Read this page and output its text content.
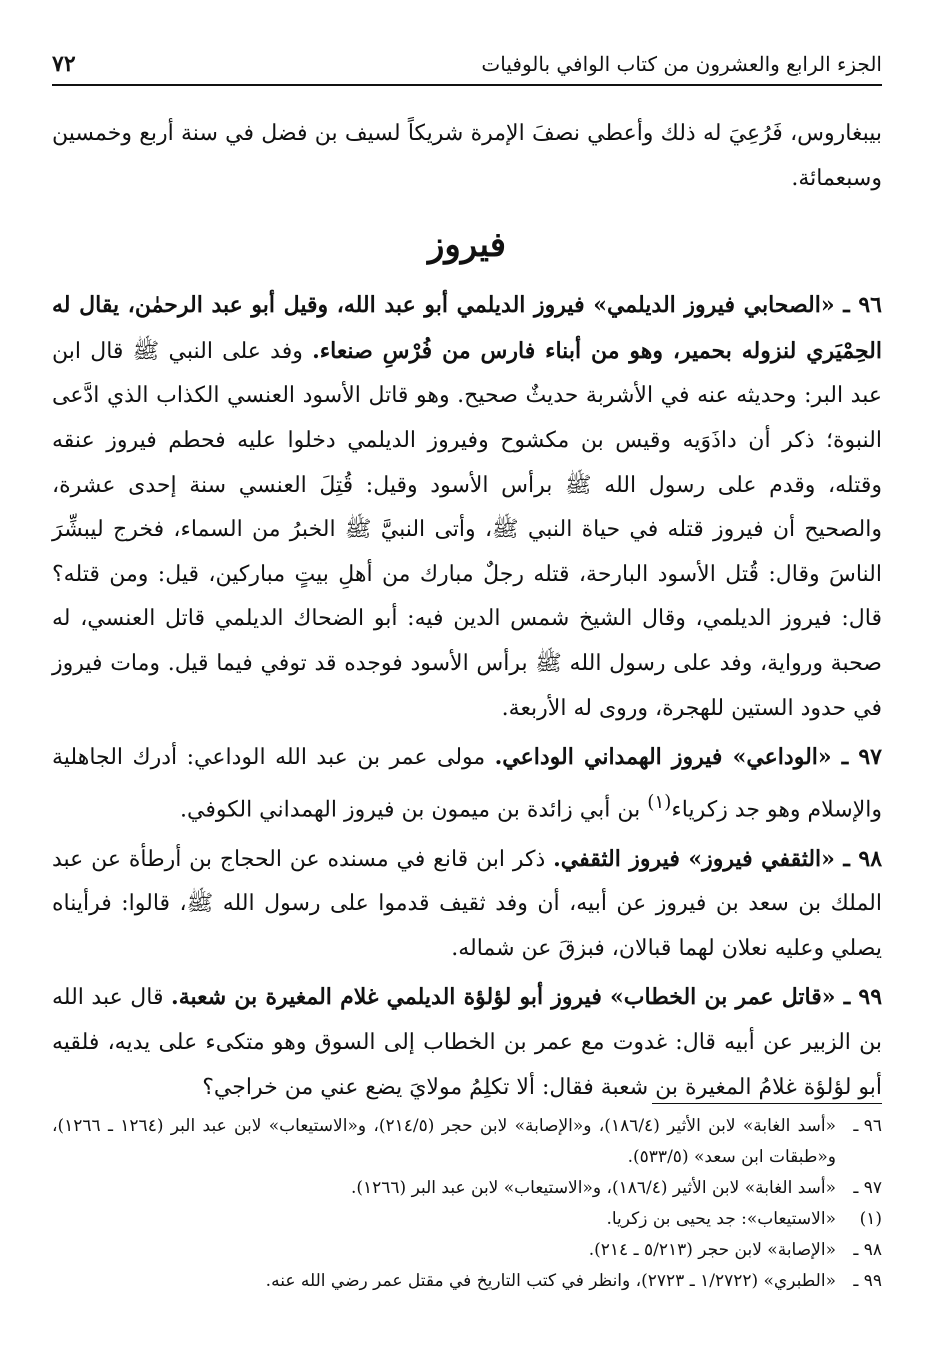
الجزء الرابع والعشرون من كتاب الوافي بالوفيات
٧٢

بيبغاروس، فَرُعِيَ له ذلك وأعطي نصفَ الإمرة شريكاً لسيف بن فضل في سنة أربع وخمسين وسبعمائة.

فيروز

٩٦ ـ «الصحابي فيروز الديلمي» فيروز الديلمي أبو عبد الله، وقيل أبو عبد الرحمٰن، يقال له الحِمْيَري لنزوله بحمير، وهو من أبناء فارس من فُرْسِ صنعاء. وفد على النبي ﷺ قال ابن عبد البر: وحديثه عنه في الأشربة حديثٌ صحيح. وهو قاتل الأسود العنسي الكذاب الذي ادَّعى النبوة؛ ذكر أن داذَوَيه وقيس بن مكشوح وفيروز الديلمي دخلوا عليه فحطم فيروز عنقه وقتله، وقدم على رسول الله ﷺ برأس الأسود وقيل: قُتِلَ العنسي سنة إحدى عشرة، والصحيح أن فيروز قتله في حياة النبي ﷺ، وأتى النبيَّ ﷺ الخبرُ من السماء، فخرج ليبشِّرَ الناسَ وقال: قُتل الأسود البارحة، قتله رجلٌ مبارك من أهلِ بيتٍ مباركين، قيل: ومن قتله؟ قال: فيروز الديلمي، وقال الشيخ شمس الدين فيه: أبو الضحاك الديلمي قاتل العنسي، له صحبة ورواية، وفد على رسول الله ﷺ برأس الأسود فوجده قد توفي فيما قيل. ومات فيروز في حدود الستين للهجرة، وروى له الأربعة.

٩٧ ـ «الوداعي» فيروز الهمداني الوداعي. مولى عمر بن عبد الله الوداعي: أدرك الجاهلية والإسلام وهو جد زكرياء$^{(١)}$ بن أبي زائدة بن ميمون بن فيروز الهمداني الكوفي.

٩٨ ـ «الثقفي فيروز» فيروز الثقفي. ذكر ابن قانع في مسنده عن الحجاج بن أرطأة عن عبد الملك بن سعد بن فيروز عن أبيه، أن وفد ثقيف قدموا على رسول الله ﷺ، قالوا: فرأيناه يصلي وعليه نعلان لهما قبالان، فبزقَ عن شماله.

٩٩ ـ «قاتل عمر بن الخطاب» فيروز أبو لؤلؤة الديلمي غلام المغيرة بن شعبة. قال عبد الله بن الزبير عن أبيه قال: غدوت مع عمر بن الخطاب إلى السوق وهو متكىء على يديه، فلقيه أبو لؤلؤة غلامُ المغيرة بن شعبة فقال: ألا تكلِمُ مولايَ يضع عني من خراجي؟

٩٦ ـ
«أسد الغابة» لابن الأثير (١٨٦/٤)، و«الإصابة» لابن حجر (٢١٤/٥)، و«الاستيعاب» لابن عبد البر (١٢٦٤ ـ ١٢٦٦)، و«طبقات ابن سعد» (٥٣٣/٥).
٩٧ ـ
«أسد الغابة» لابن الأثير (١٨٦/٤)، و«الاستيعاب» لابن عبد البر (١٢٦٦).
(١)
«الاستيعاب»: جد يحيى بن زكريا.
٩٨ ـ
«الإصابة» لابن حجر (٥/٢١٣ ـ ٢١٤).
٩٩ ـ
«الطبري» (١/٢٧٢٢ ـ ٢٧٢٣)، وانظر في كتب التاريخ في مقتل عمر رضي الله عنه.
